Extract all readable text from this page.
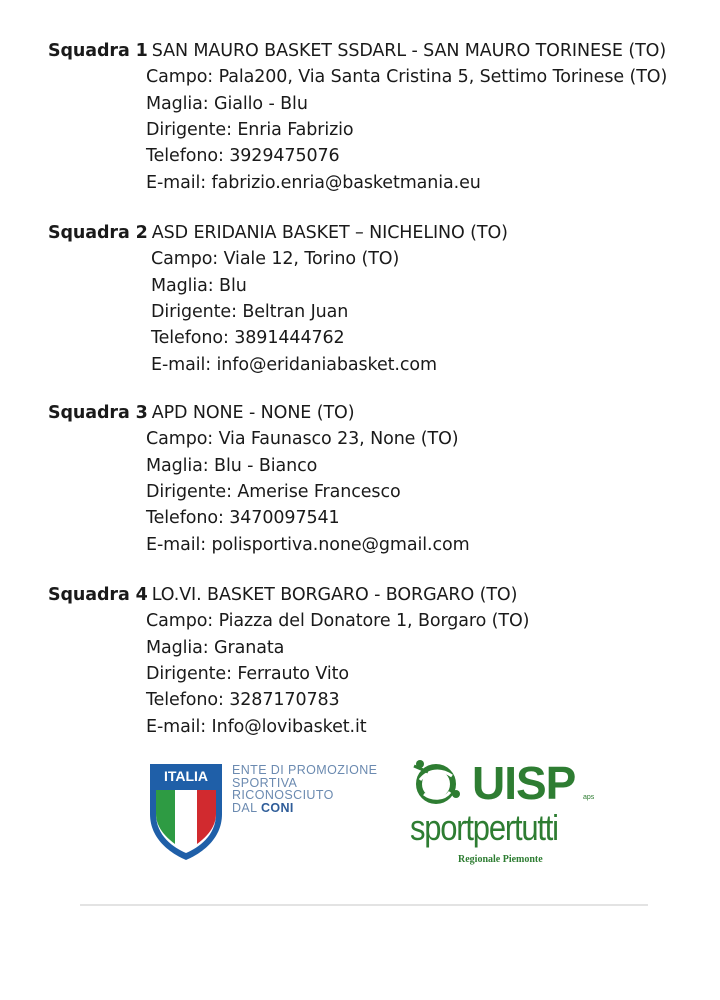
Squadra 1 SAN MAURO BASKET SSDARL - SAN MAURO TORINESE (TO)
Campo: Pala200, Via Santa Cristina 5, Settimo Torinese (TO)
Maglia: Giallo - Blu
Dirigente: Enria Fabrizio
Telefono: 3929475076
E-mail: fabrizio.enria@basketmania.eu
Squadra 2 ASD ERIDANIA BASKET – NICHELINO (TO)
Campo: Viale 12, Torino (TO)
Maglia: Blu
Dirigente: Beltran Juan
Telefono: 3891444762
E-mail: info@eridaniabasket.com
Squadra 3 APD NONE - NONE (TO)
Campo: Via Faunasco 23, None (TO)
Maglia: Blu - Bianco
Dirigente: Amerise Francesco
Telefono: 3470097541
E-mail: polisportiva.none@gmail.com
Squadra 4 LO.VI. BASKET BORGARO - BORGARO (TO)
Campo: Piazza del Donatore 1, Borgaro (TO)
Maglia: Granata
Dirigente: Ferrauto Vito
Telefono: 3287170783
E-mail: Info@lovibasket.it
ITALIA ENTE DI PROMOZIONE
SPORTIVA
RICONOSCIUTO
DAL CONI	UISP aps
sportpertutti
Regionale Piemonte
